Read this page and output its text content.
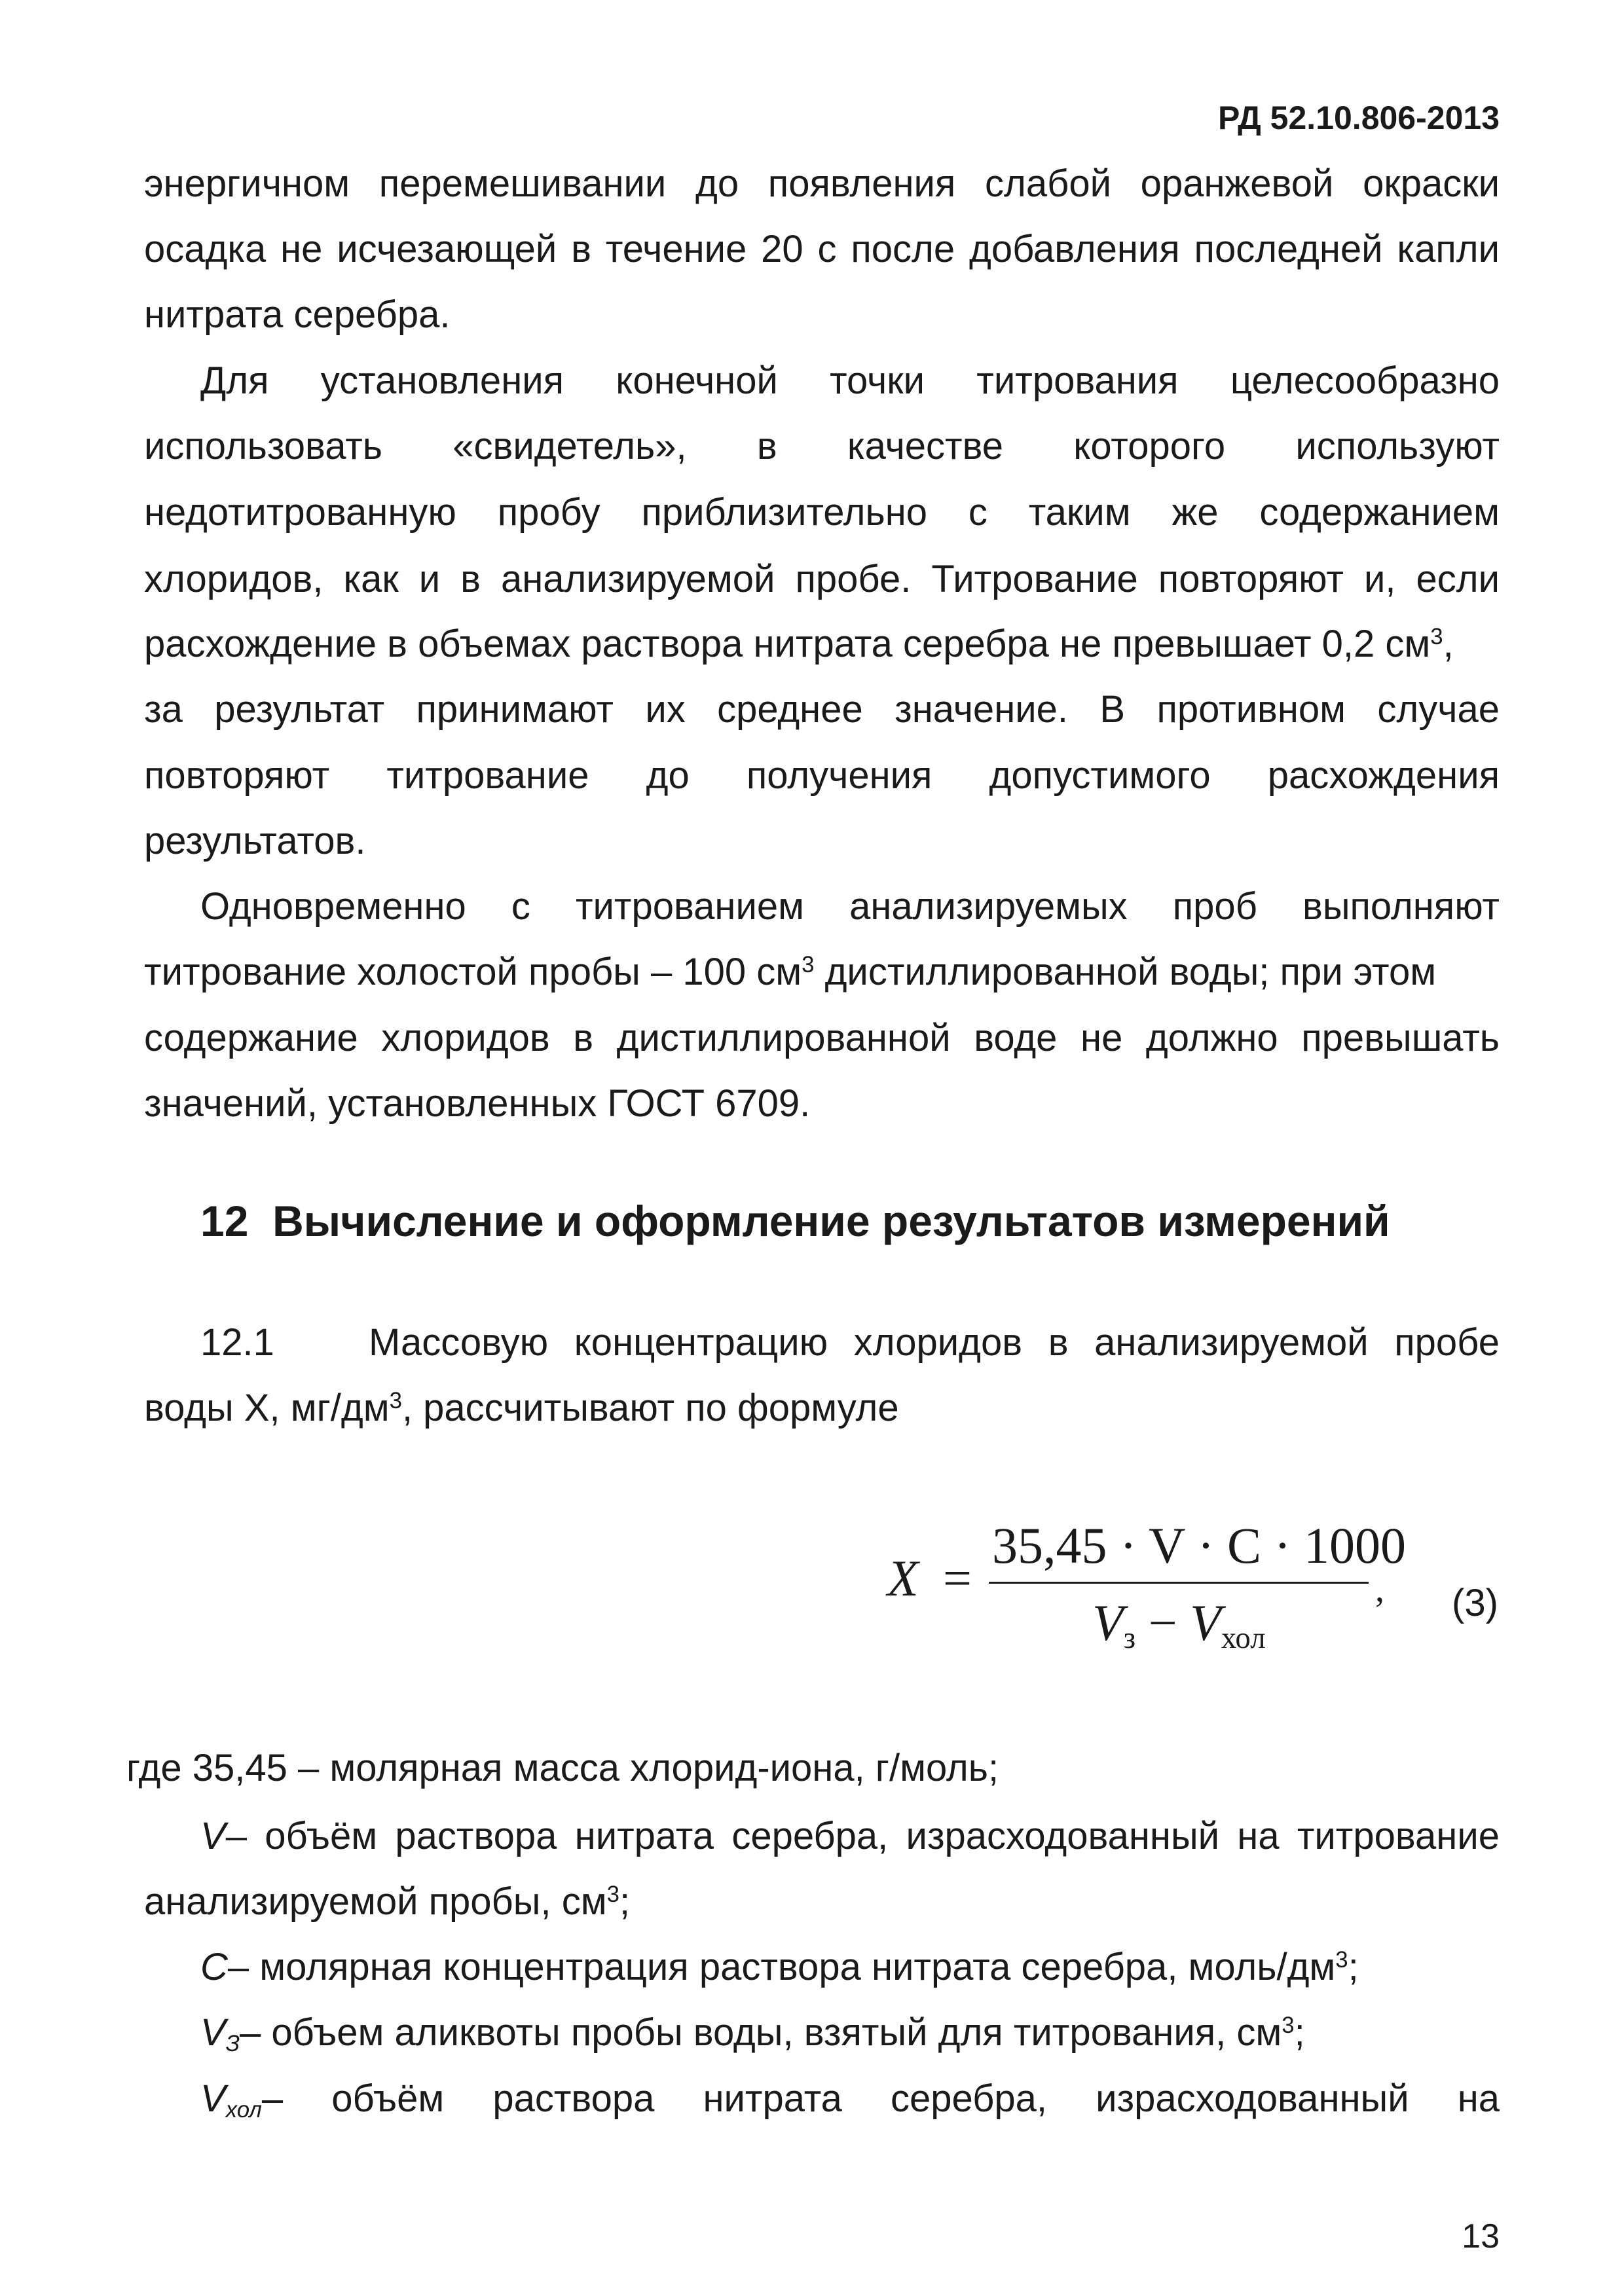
РД 52.10.806-2013
энергичном перемешивании до появления слабой оранжевой окраски
осадка не исчезающей в течение 20 с после добавления последней капли
нитрата серебра.
Для установления конечной точки титрования целесообразно
использовать «свидетель», в качестве которого используют
недотитрованную пробу приблизительно с таким же содержанием
хлоридов, как и в анализируемой пробе. Титрование повторяют и, если
расхождение в объемах раствора нитрата серебра не превышает 0,2 $см^3$,
за результат принимают их среднее значение. В противном случае
повторяют титрование до получения допустимого расхождения
результатов.
Одновременно с титрованием анализируемых проб выполняют
титрование холостой пробы – 100 $см^3$ дистиллированной воды; при этом
содержание хлоридов в дистиллированной воде не должно превышать
значений, установленных ГОСТ 6709.
12 Вычисление и оформление результатов измерений
12.1 Массовую концентрацию хлоридов в анализируемой пробе
воды X, $мг/дм^3$, рассчитывают по формуле
X =
35,45 · V · C · 1000
$V_з - V_{хол}$
, (3)
где 35,45 – молярная масса хлорид-иона, г/моль;
V– объём раствора нитрата серебра, израсходованный на титрование
анализируемой пробы, $см^3$;
C– молярная концентрация раствора нитрата серебра, моль/$дм^3$;
$V_З-$ объем аликвоты пробы воды, взятый для титрования, $см^3$;
$V_{хол}-$ объём раствора нитрата серебра, израсходованный на
13
